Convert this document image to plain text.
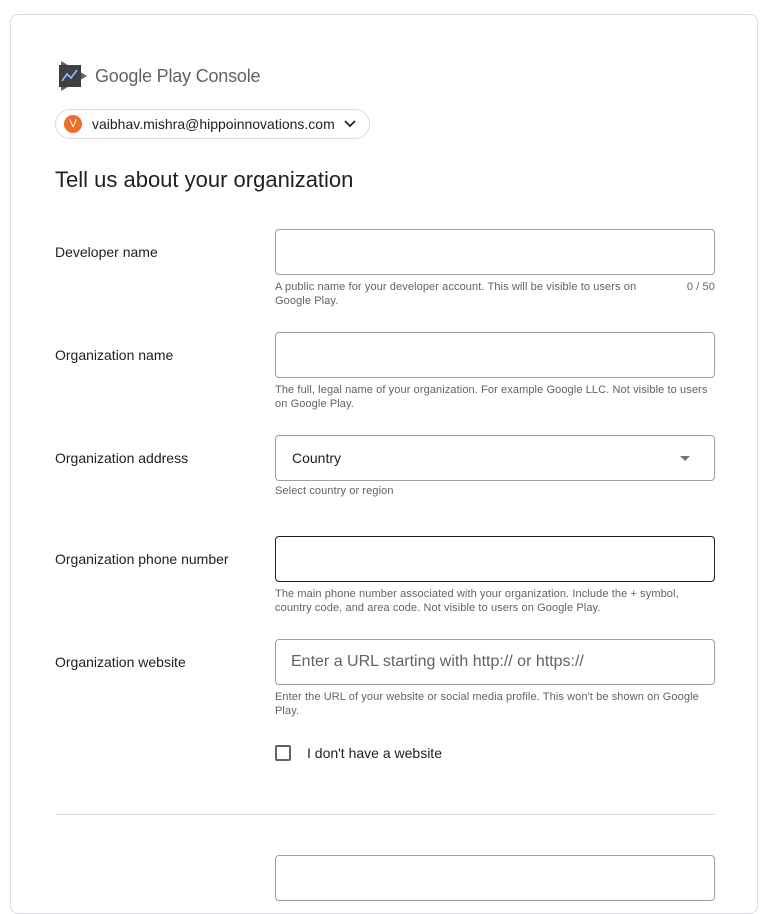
Google Play Console
V	vaibhav.mishra@hippoinnovations.com
Tell us about your organization
Developer name
A public name for your developer account. This will be visible to users on Google Play.
0 / 50
Organization name
The full, legal name of your organization. For example Google LLC. Not visible to users on Google Play.
Organization address	Country
Select country or region
Organization phone number
The main phone number associated with your organization. Include the + symbol, country code, and area code. Not visible to users on Google Play.
Organization website
Enter a URL starting with http:// or https://
Enter the URL of your website or social media profile. This won't be shown on Google Play.
I don't have a website
